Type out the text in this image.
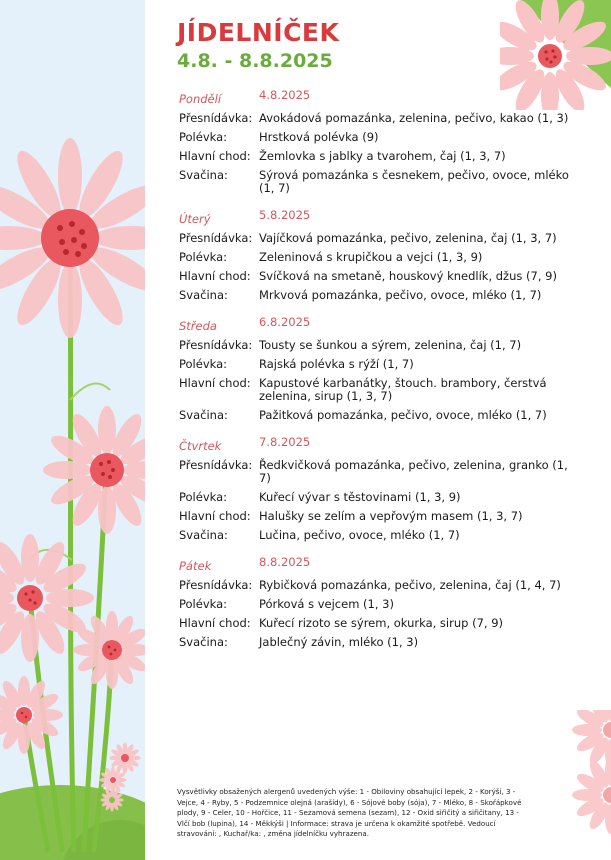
JÍDELNÍČEK
4.8. - 8.8.2025
Pondělí	4.8.2025
Přesnídávka: Avokádová pomazánka, zelenina, pečivo, kakao (1, 3)
Polévka:	Hrstková polévka (9)
Hlavní chod: Žemlovka s jablky a tvarohem, čaj (1, 3, 7)
Svačina:	Sýrová pomazánka s česnekem, pečivo, ovoce, mléko (1, 7)
Úterý	5.8.2025
Přesnídávka: Vajíčková pomazánka, pečivo, zelenina, čaj (1, 3, 7)
Polévka:	Zeleninová s krupičkou a vejci (1, 3, 9)
Hlavní chod: Svíčková na smetaně, houskový knedlík, džus (7, 9)
Svačina:	Mrkvová pomazánka, pečivo, ovoce, mléko (1, 7)
Středa	6.8.2025
Přesnídávka: Tousty se šunkou a sýrem, zelenina, čaj (1, 7)
Polévka:	Rajská polévka s rýží (1, 7)
Hlavní chod: Kapustové karbanátky, štouch. brambory, čerstvá zelenina, sirup (1, 3, 7)
Svačina:	Pažitková pomazánka, pečivo, ovoce, mléko (1, 7)
Čtvrtek	7.8.2025
Přesnídávka: Ředkvičková pomazánka, pečivo, zelenina, granko (1, 7)
Polévka:	Kuřecí vývar s těstovinami (1, 3, 9)
Hlavní chod: Halušky se zelím a vepřovým masem (1, 3, 7)
Svačina:	Lučina, pečivo, ovoce, mléko (1, 7)
Pátek	8.8.2025
Přesnídávka: Rybičková pomazánka, pečivo, zelenina, čaj (1, 4, 7)
Polévka:	Pórková s vejcem (1, 3)
Hlavní chod: Kuřecí rizoto se sýrem, okurka, sirup (7, 9)
Svačina:	Jablečný závin, mléko (1, 3)

Vysvětlivky obsažených alergenů uvedených výše: 1 - Obiloviny obsahující lepek, 2 - Korýši, 3 - Vejce, 4 - Ryby, 5 - Podzemnice olejná (arašídy), 6 - Sójové boby (sója), 7 - Mléko, 8 - Skořápkové plody, 9 - Celer, 10 - Hořčice, 11 - Sezamová semena (sezam), 12 - Oxid siřičitý a siřičitany, 13 - Vlčí bob (lupina), 14 - Měkkýši | Informace: strava je určena k okamžité spotřebě. Vedoucí stravování: , Kuchař/ka: , změna jídelníčku vyhrazena.
